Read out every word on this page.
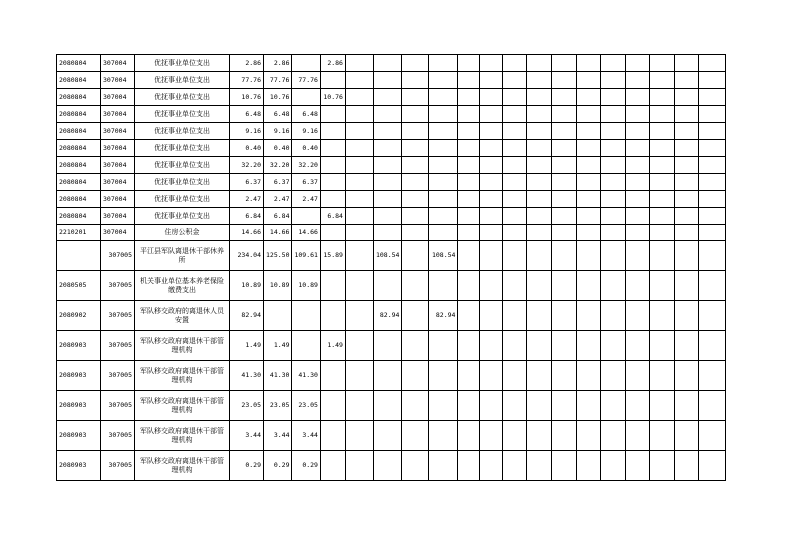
2080804	307004	优抚事业单位支出	2.86	2.86		2.86															
2080804	307004	优抚事业单位支出	77.76	77.76	77.76																
2080804	307004	优抚事业单位支出	10.76	10.76		10.76															
2080804	307004	优抚事业单位支出	6.48	6.48	6.48																
2080804	307004	优抚事业单位支出	9.16	9.16	9.16																
2080804	307004	优抚事业单位支出	0.40	0.40	0.40																
2080804	307004	优抚事业单位支出	32.20	32.20	32.20																
2080804	307004	优抚事业单位支出	6.37	6.37	6.37																
2080804	307004	优抚事业单位支出	2.47	2.47	2.47																
2080804	307004	优抚事业单位支出	6.84	6.84		6.84															
2210201	307004	住房公积金	14.66	14.66	14.66																
	307005	平江县军队离退休干部休养所	234.04	125.50	109.61	15.89		108.54		108.54											
2080505	307005	机关事业单位基本养老保险缴费支出	10.89	10.89	10.89																
2080902	307005	军队移交政府的离退休人员安置	82.94					82.94		82.94											
2080903	307005	军队移交政府离退休干部管理机构	1.49	1.49		1.49															
2080903	307005	军队移交政府离退休干部管理机构	41.30	41.30	41.30																
2080903	307005	军队移交政府离退休干部管理机构	23.05	23.05	23.05																
2080903	307005	军队移交政府离退休干部管理机构	3.44	3.44	3.44																
2080903	307005	军队移交政府离退休干部管理机构	0.29	0.29	0.29																
